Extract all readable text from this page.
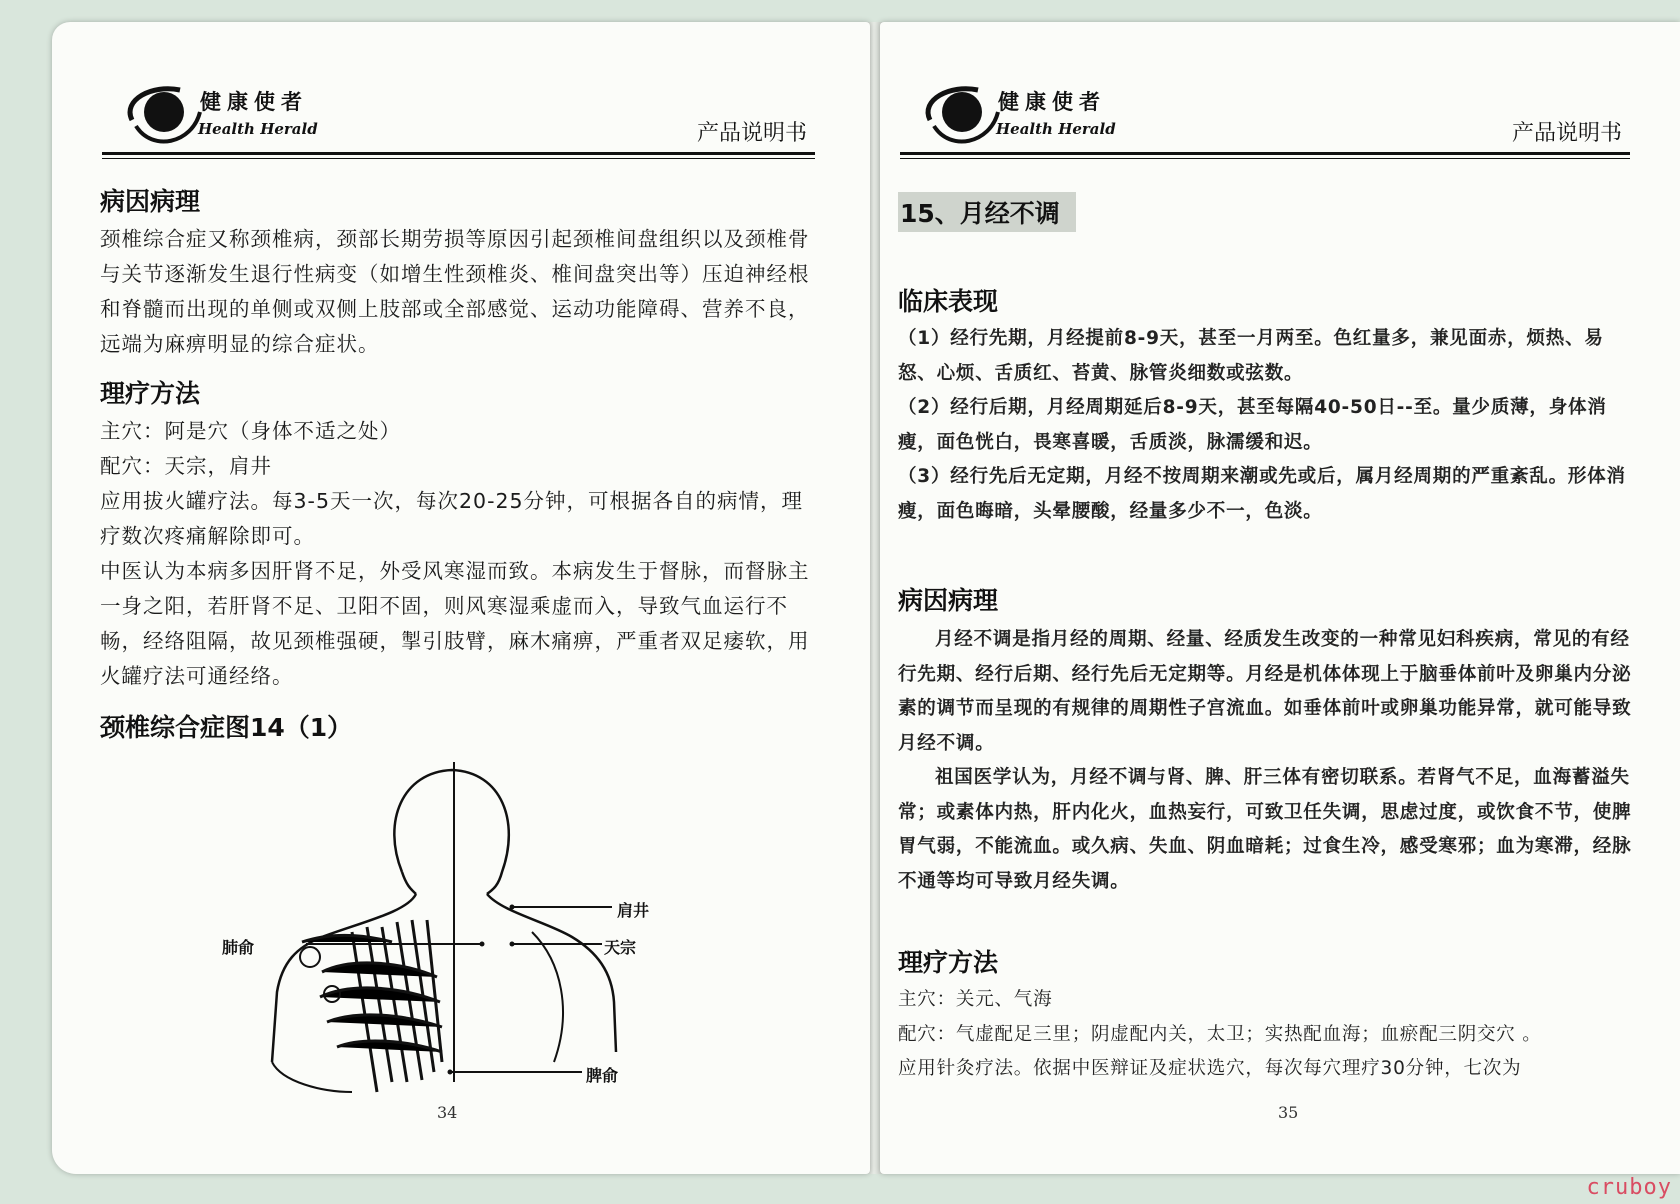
健康使者
Health Herald	产品说明书

病因病理

颈椎综合症又称颈椎病，颈部长期劳损等原因引起颈椎间盘组织以及颈椎骨与关节逐渐发生退行性病变（如增生性颈椎炎、椎间盘突出等）压迫神经根和脊髓而出现的单侧或双侧上肢部或全部感觉、运动功能障碍、营养不良，远端为麻痹明显的综合症状。

理疗方法

主穴：阿是穴（身体不适之处）

配穴：天宗，肩井

应用拔火罐疗法。每3-5天一次，每次20-25分钟，可根据各自的病情，理疗数次疼痛解除即可。

中医认为本病多因肝肾不足，外受风寒湿而致。本病发生于督脉，而督脉主一身之阳，若肝肾不足、卫阳不固，则风寒湿乘虚而入，导致气血运行不畅，经络阻隔，故见颈椎强硬，掣引肢臂，麻木痛痹，严重者双足痿软，用火罐疗法可通经络。

颈椎综合症图14（1）

肩井
肺俞	天宗
脾俞
34
健康使者
Health Herald	产品说明书
15、月经不调

临床表现

（1）经行先期，月经提前8-9天，甚至一月两至。色红量多，兼见面赤，烦热、易怒、心烦、舌质红、苔黄、脉管炎细数或弦数。

（2）经行后期，月经周期延后8-9天，甚至每隔40-50日--至。量少质薄，身体消瘦，面色恍白，畏寒喜暖，舌质淡，脉濡缓和迟。

（3）经行先后无定期，月经不按周期来潮或先或后，属月经周期的严重紊乱。形体消瘦，面色晦暗，头晕腰酸，经量多少不一，色淡。

病因病理

月经不调是指月经的周期、经量、经质发生改变的一种常见妇科疾病，常见的有经行先期、经行后期、经行先后无定期等。月经是机体体现上于脑垂体前叶及卵巢内分泌素的调节而呈现的有规律的周期性子宫流血。如垂体前叶或卵巢功能异常，就可能导致月经不调。

祖国医学认为，月经不调与肾、脾、肝三体有密切联系。若肾气不足，血海蓄溢失常；或素体内热，肝内化火，血热妄行，可致卫任失调，思虑过度，或饮食不节，使脾胃气弱，不能流血。或久病、失血、阴血暗耗；过食生冷，感受寒邪；血为寒滞，经脉不通等均可导致月经失调。

理疗方法

主穴：关元、气海

配穴：气虚配足三里；阴虚配内关，太卫；实热配血海；血瘀配三阴交穴 。

应用针灸疗法。依据中医辩证及症状选穴，每次每穴理疗30分钟，七次为

35
cruboy
